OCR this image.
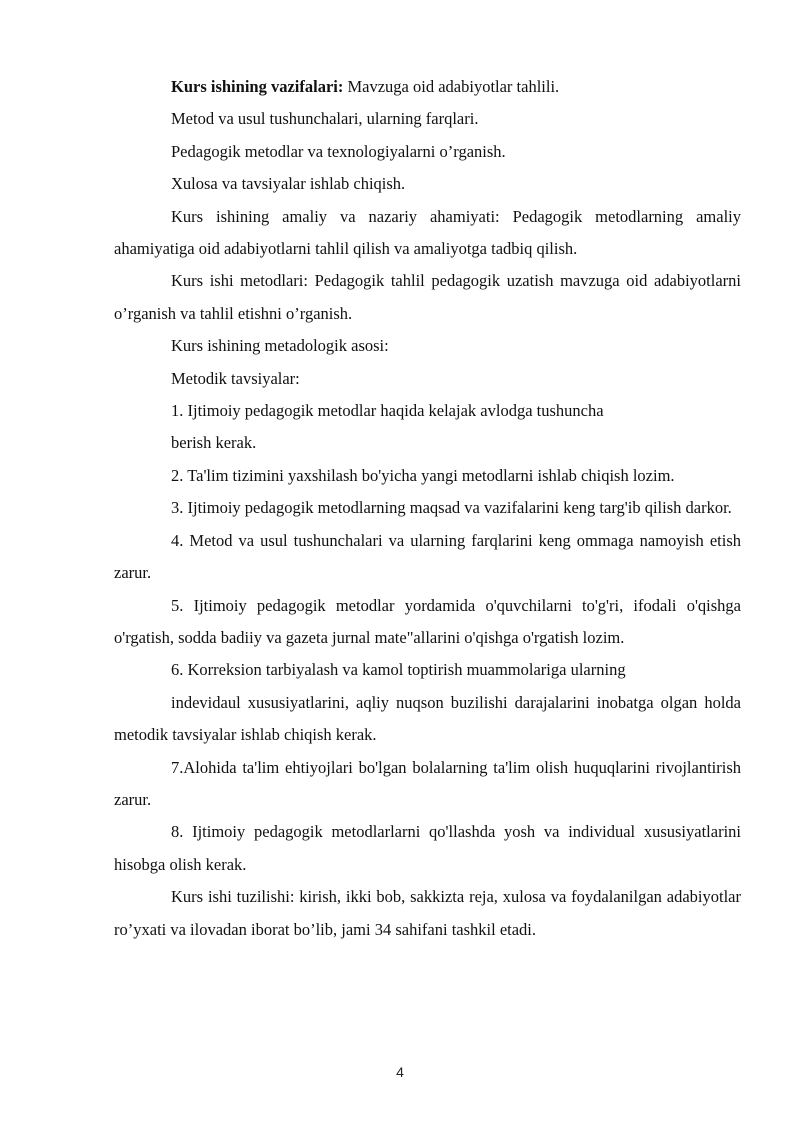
Kurs ishining vazifalari: Mavzuga oid adabiyotlar tahlili.

Metod va usul tushunchalari, ularning farqlari.

Pedagogik metodlar va texnologiyalarni o’rganish.

Xulosa va tavsiyalar ishlab chiqish.

Kurs ishining amaliy va nazariy ahamiyati: Pedagogik metodlarning amaliy ahamiyatiga oid adabiyotlarni tahlil qilish va amaliyotga tadbiq qilish.

Kurs ishi metodlari: Pedagogik tahlil pedagogik uzatish mavzuga oid adabiyotlarni o’rganish va tahlil etishni o’rganish.

Kurs ishining metadologik asosi:

Metodik tavsiyalar:

1. Ijtimoiy pedagogik metodlar haqida kelajak avlodga tushuncha

berish kerak.

2. Ta'lim tizimini yaxshilash bo'yicha yangi metodlarni ishlab chiqish lozim.

3. Ijtimoiy pedagogik metodlarning maqsad va vazifalarini keng targ'ib qilish darkor.

4. Metod va usul tushunchalari va ularning farqlarini keng ommaga namoyish etish zarur.

5. Ijtimoiy pedagogik metodlar yordamida o'quvchilarni to'g'ri, ifodali o'qishga o'rgatish, sodda badiiy va gazeta jurnal mate"allarini o'qishga o'rgatish lozim.

6. Korreksion tarbiyalash va kamol toptirish muammolariga ularning

indevidaul xususiyatlarini, aqliy nuqson buzilishi darajalarini inobatga olgan holda metodik tavsiyalar ishlab chiqish kerak.

7.Alohida ta'lim ehtiyojlari bo'lgan bolalarning ta'lim olish huquqlarini rivojlantirish zarur.

8. Ijtimoiy pedagogik metodlarlarni qo'llashda yosh va individual xususiyatlarini hisobga olish kerak.

Kurs ishi tuzilishi: kirish, ikki bob, sakkizta reja, xulosa va foydalanilgan adabiyotlar ro’yxati va ilovadan iborat bo’lib, jami 34 sahifani tashkil etadi.

4
